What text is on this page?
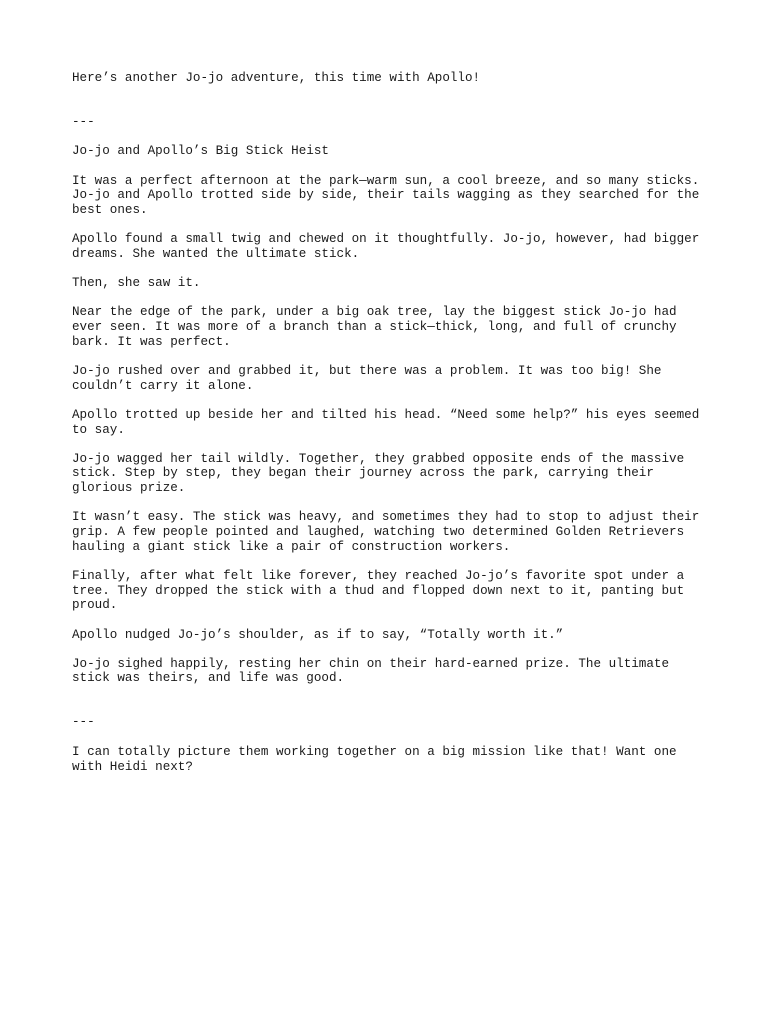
Here’s another Jo-jo adventure, this time with Apollo!

---

Jo-jo and Apollo’s Big Stick Heist

It was a perfect afternoon at the park—warm sun, a cool breeze, and so many sticks. Jo-jo and Apollo trotted side by side, their tails wagging as they searched for the best ones.

Apollo found a small twig and chewed on it thoughtfully. Jo-jo, however, had bigger dreams. She wanted the ultimate stick.

Then, she saw it.

Near the edge of the park, under a big oak tree, lay the biggest stick Jo-jo had ever seen. It was more of a branch than a stick—thick, long, and full of crunchy bark. It was perfect.

Jo-jo rushed over and grabbed it, but there was a problem. It was too big! She couldn’t carry it alone.

Apollo trotted up beside her and tilted his head. “Need some help?” his eyes seemed to say.

Jo-jo wagged her tail wildly. Together, they grabbed opposite ends of the massive stick. Step by step, they began their journey across the park, carrying their glorious prize.

It wasn’t easy. The stick was heavy, and sometimes they had to stop to adjust their grip. A few people pointed and laughed, watching two determined Golden Retrievers hauling a giant stick like a pair of construction workers.

Finally, after what felt like forever, they reached Jo-jo’s favorite spot under a tree. They dropped the stick with a thud and flopped down next to it, panting but proud.

Apollo nudged Jo-jo’s shoulder, as if to say, “Totally worth it.”

Jo-jo sighed happily, resting her chin on their hard-earned prize. The ultimate stick was theirs, and life was good.

---

I can totally picture them working together on a big mission like that! Want one with Heidi next?
